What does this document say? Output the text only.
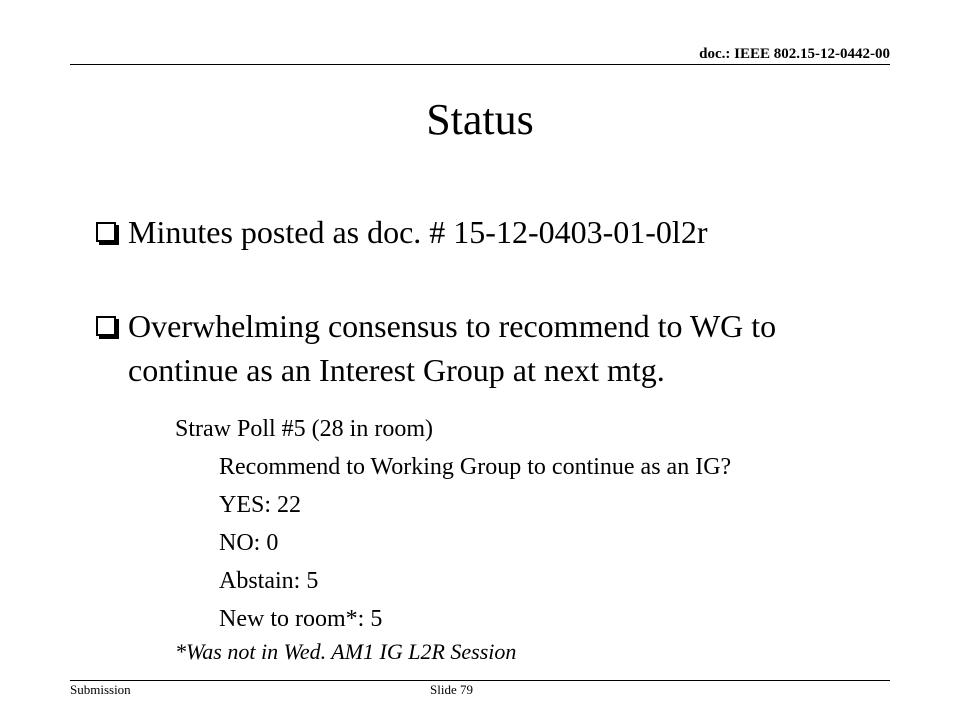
doc.: IEEE 802.15-12-0442-00
Status
Minutes posted as doc. # 15-12-0403-01-0l2r
Overwhelming consensus to recommend to WG to continue as an Interest Group at next mtg.
Straw Poll #5 (28 in room)
Recommend to Working Group to continue as an IG?
YES: 22
NO: 0
Abstain: 5
New to room*: 5
*Was not in Wed. AM1 IG L2R Session
Submission	Slide 79
